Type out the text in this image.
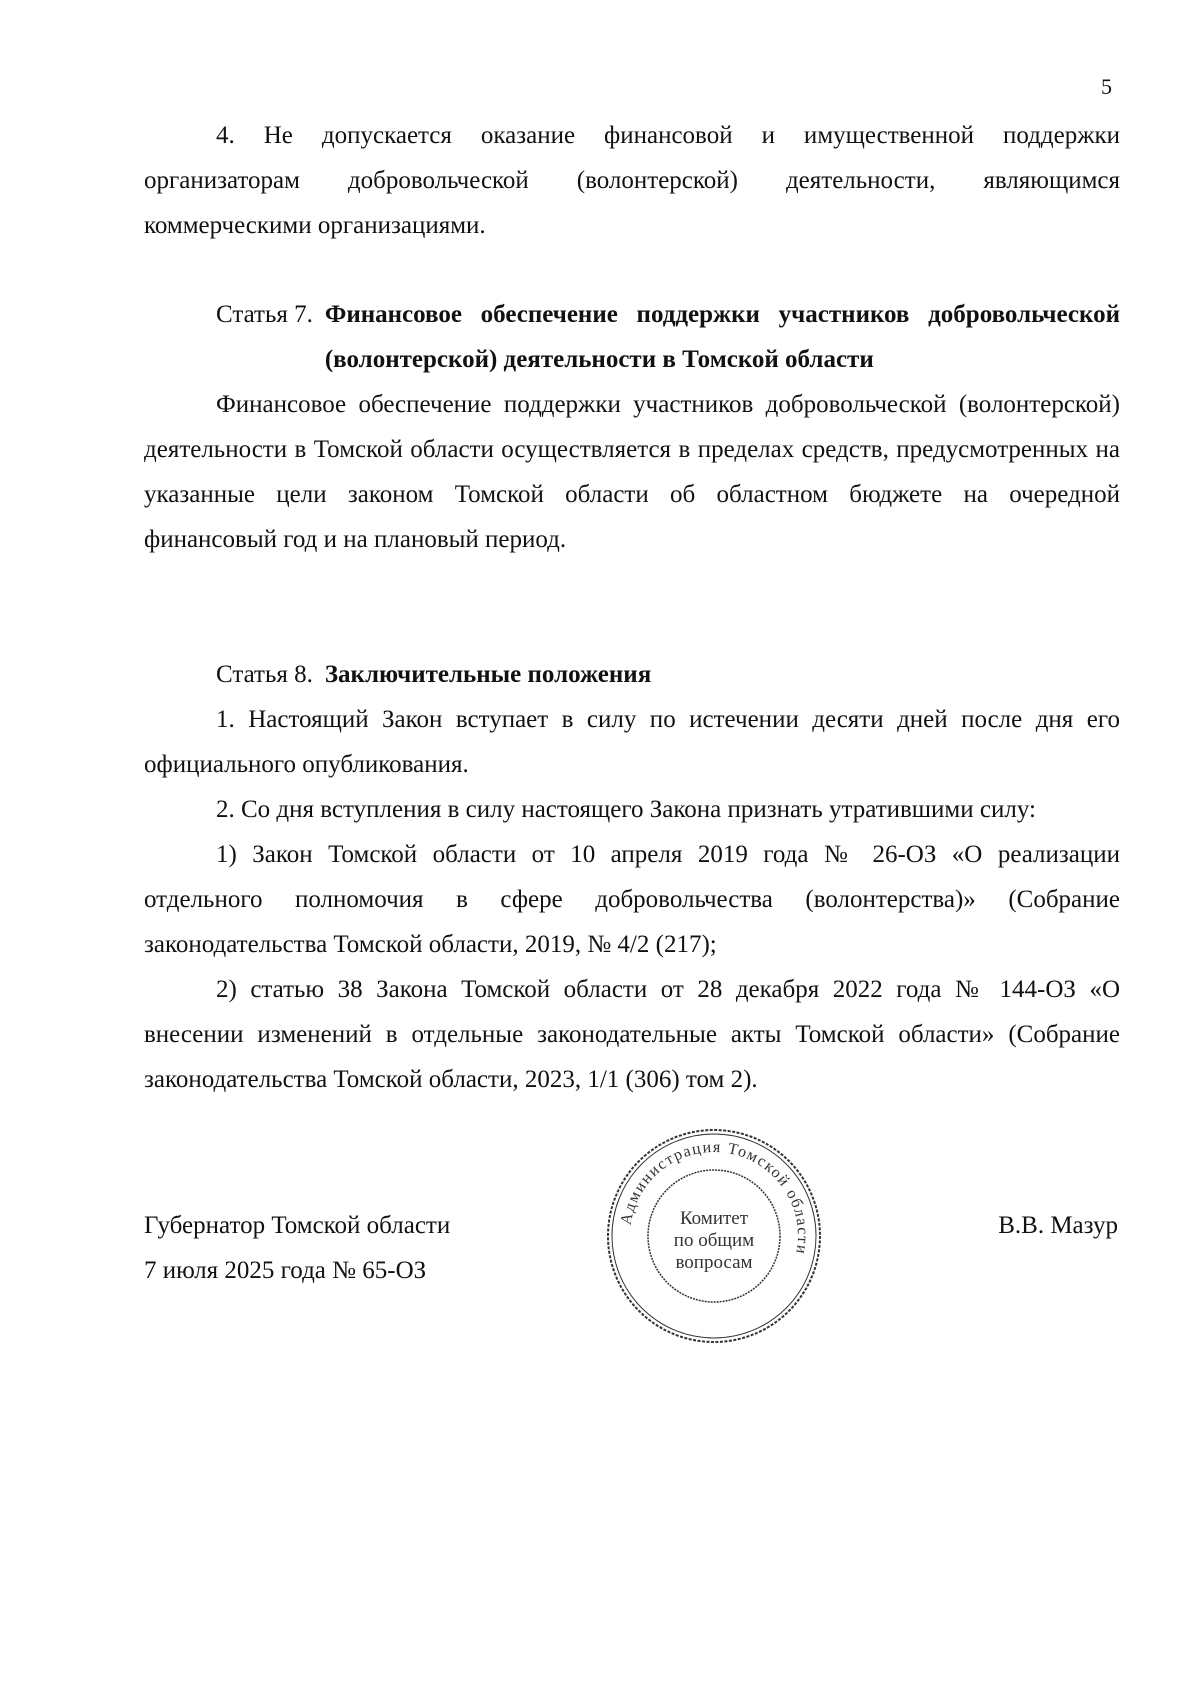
5

4. Не допускается оказание финансовой и имущественной поддержки организаторам добровольческой (волонтерской) деятельности, являющимся коммерческими организациями.

Статья 7. Финансовое обеспечение поддержки участников добровольческой (волонтерской) деятельности в Томской области

Финансовое обеспечение поддержки участников добровольческой (волонтерской) деятельности в Томской области осуществляется в пределах средств, предусмотренных на указанные цели законом Томской области об областном бюджете на очередной финансовый год и на плановый период.

Статья 8. Заключительные положения

1. Настоящий Закон вступает в силу по истечении десяти дней после дня его официального опубликования.

2. Со дня вступления в силу настоящего Закона признать утратившими силу:

1) Закон Томской области от 10 апреля 2019 года № 26-ОЗ «О реализации отдельного полномочия в сфере добровольчества (волонтерства)» (Собрание законодательства Томской области, 2019, № 4/2 (217);

2) статью 38 Закона Томской области от 28 декабря 2022 года № 144-ОЗ «О внесении изменений в отдельные законодательные акты Томской области» (Собрание законодательства Томской области, 2023, 1/1 (306) том 2).

Губернатор Томской области
7 июля 2025 года № 65-ОЗ
В.В. Мазур
Администрация Томской области
Комитет
по общим
вопросам
